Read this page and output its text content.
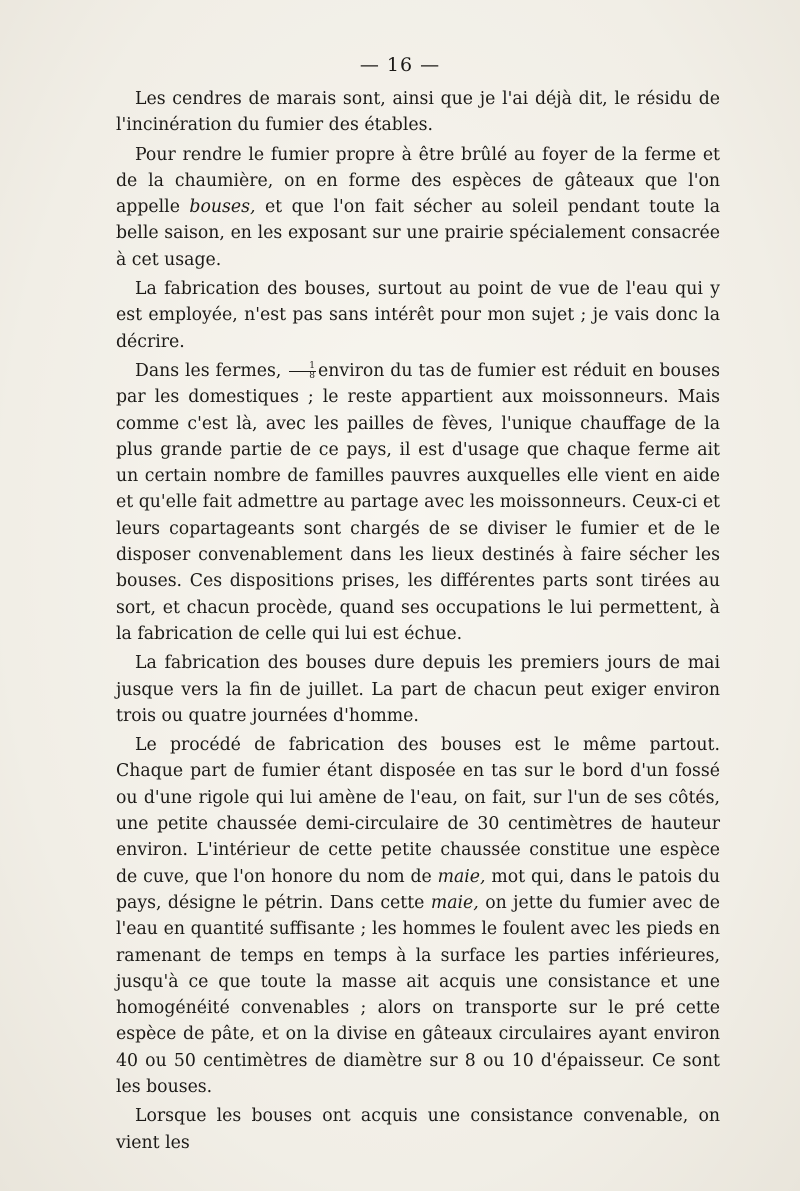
— 16 —

Les cendres de marais sont, ainsi que je l'ai déjà dit, le résidu de l'incinération du fumier des étables.

Pour rendre le fumier propre à être brûlé au foyer de la ferme et de la chaumière, on en forme des espèces de gâteaux que l'on appelle bouses, et que l'on fait sécher au soleil pendant toute la belle saison, en les exposant sur une prairie spécialement consacrée à cet usage.

La fabrication des bouses, surtout au point de vue de l'eau qui y est employée, n'est pas sans intérêt pour mon sujet ; je vais donc la décrire.

Dans les fermes, $\frac{1}{8}$ environ du tas de fumier est réduit en bouses par les domestiques ; le reste appartient aux moissonneurs. Mais comme c'est là, avec les pailles de fèves, l'unique chauffage de la plus grande partie de ce pays, il est d'usage que chaque ferme ait un certain nombre de familles pauvres auxquelles elle vient en aide et qu'elle fait admettre au partage avec les moissonneurs. Ceux-ci et leurs copartageants sont chargés de se diviser le fumier et de le disposer convenablement dans les lieux destinés à faire sécher les bouses. Ces dispositions prises, les différentes parts sont tirées au sort, et chacun procède, quand ses occupations le lui permettent, à la fabrication de celle qui lui est échue.

La fabrication des bouses dure depuis les premiers jours de mai jusque vers la fin de juillet. La part de chacun peut exiger environ trois ou quatre journées d'homme.

Le procédé de fabrication des bouses est le même partout. Chaque part de fumier étant disposée en tas sur le bord d'un fossé ou d'une rigole qui lui amène de l'eau, on fait, sur l'un de ses côtés, une petite chaussée demi-circulaire de 30 centimètres de hauteur environ. L'intérieur de cette petite chaussée constitue une espèce de cuve, que l'on honore du nom de maie, mot qui, dans le patois du pays, désigne le pétrin. Dans cette maie, on jette du fumier avec de l'eau en quantité suffisante ; les hommes le foulent avec les pieds en ramenant de temps en temps à la surface les parties inférieures, jusqu'à ce que toute la masse ait acquis une consistance et une homogénéité convenables ; alors on transporte sur le pré cette espèce de pâte, et on la divise en gâteaux circulaires ayant environ 40 ou 50 centimètres de diamètre sur 8 ou 10 d'épaisseur. Ce sont les bouses.

Lorsque les bouses ont acquis une consistance convenable, on vient les
